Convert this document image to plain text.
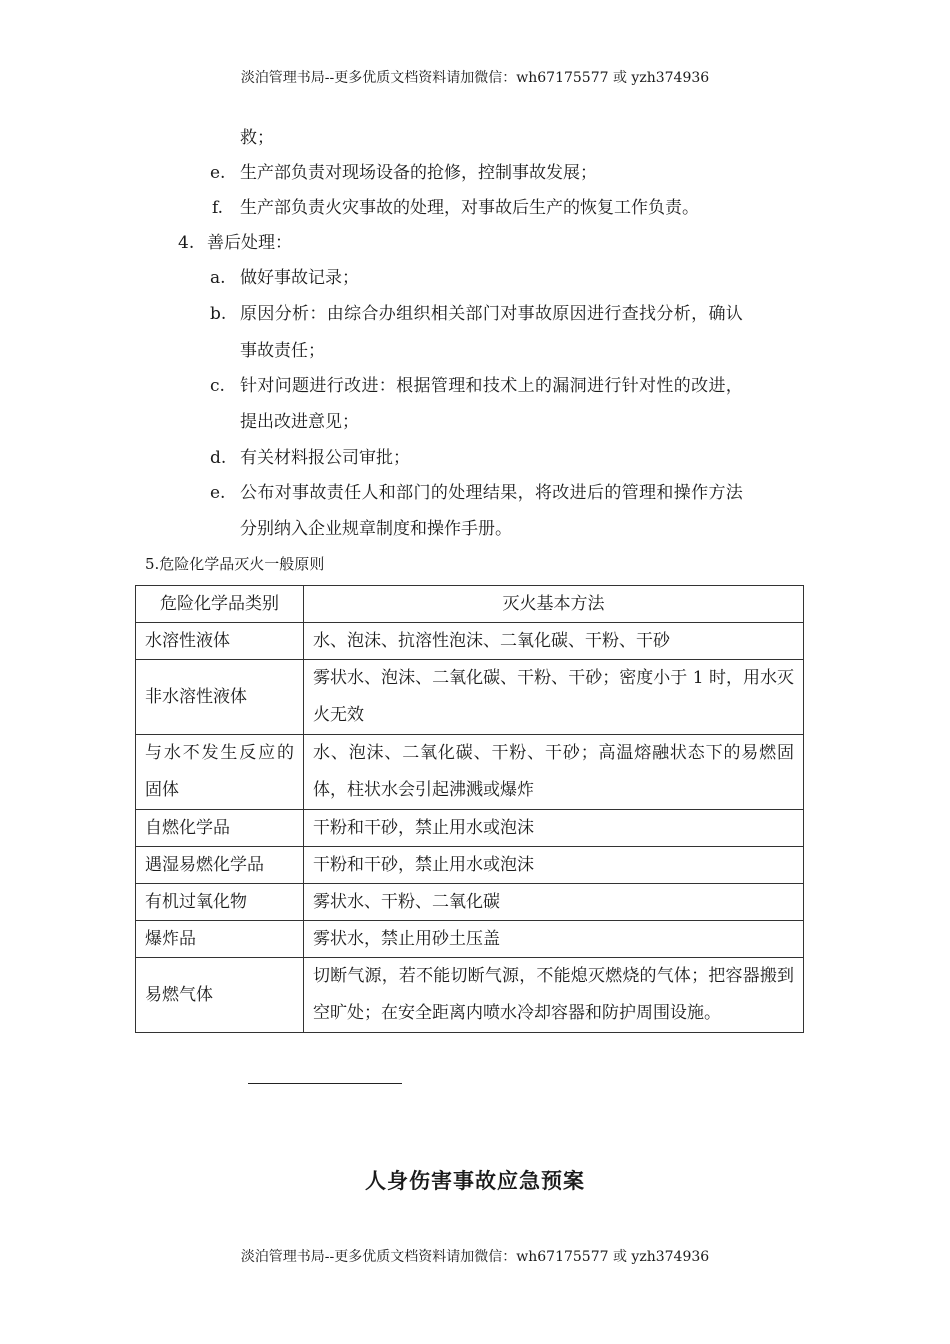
淡泊管理书局--更多优质文档资料请加微信：wh67175577 或 yzh374936
救；
e. 生产部负责对现场设备的抢修，控制事故发展；
f. 生产部负责火灾事故的处理，对事故后生产的恢复工作负责。
4. 善后处理：
a. 做好事故记录；
b. 原因分析：由综合办组织相关部门对事故原因进行查找分析，确认
事故责任；
c. 针对问题进行改进：根据管理和技术上的漏洞进行针对性的改进，
提出改进意见；
d. 有关材料报公司审批；
e. 公布对事故责任人和部门的处理结果，将改进后的管理和操作方法
分别纳入企业规章制度和操作手册。
5.危险化学品灭火一般原则
危险化学品类别	灭火基本方法
水溶性液体	水、泡沫、抗溶性泡沫、二氧化碳、干粉、干砂
非水溶性液体	雾状水、泡沫、二氧化碳、干粉、干砂；密度小于 1 时，用水灭火无效
与水不发生反应的固体	水、泡沫、二氧化碳、干粉、干砂；高温熔融状态下的易燃固体，柱状水会引起沸溅或爆炸
自燃化学品	干粉和干砂，禁止用水或泡沫
遇湿易燃化学品	干粉和干砂，禁止用水或泡沫
有机过氧化物	雾状水、干粉、二氧化碳
爆炸品	雾状水，禁止用砂土压盖
易燃气体	切断气源，若不能切断气源，不能熄灭燃烧的气体；把容器搬到空旷处；在安全距离内喷水冷却容器和防护周围设施。
人身伤害事故应急预案
淡泊管理书局--更多优质文档资料请加微信：wh67175577 或 yzh374936
